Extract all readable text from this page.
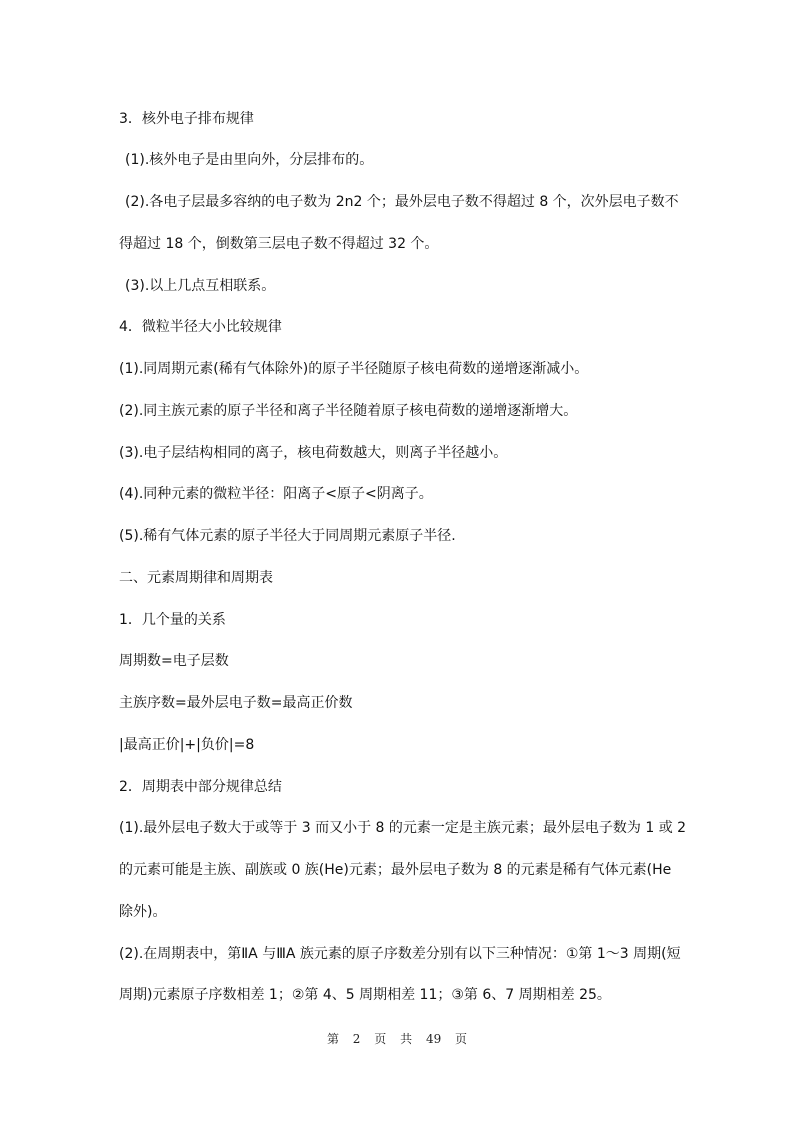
3．核外电子排布规律
(1).核外电子是由里向外，分层排布的。
(2).各电子层最多容纳的电子数为 2n2 个；最外层电子数不得超过 8 个，次外层电子数不
得超过 18 个，倒数第三层电子数不得超过 32 个。
(3).以上几点互相联系。
4．微粒半径大小比较规律
(1).同周期元素(稀有气体除外)的原子半径随原子核电荷数的递增逐渐减小。
(2).同主族元素的原子半径和离子半径随着原子核电荷数的递增逐渐增大。
(3).电子层结构相同的离子，核电荷数越大，则离子半径越小。
(4).同种元素的微粒半径：阳离子<原子<阴离子。
(5).稀有气体元素的原子半径大于同周期元素原子半径.
二、元素周期律和周期表
1．几个量的关系
周期数=电子层数
主族序数=最外层电子数=最高正价数
|最高正价|+|负价|=8
2．周期表中部分规律总结
(1).最外层电子数大于或等于 3 而又小于 8 的元素一定是主族元素；最外层电子数为 1 或 2
的元素可能是主族、副族或 0 族(He)元素；最外层电子数为 8 的元素是稀有气体元素(He
除外)。
(2).在周期表中，第ⅡA 与ⅢA 族元素的原子序数差分别有以下三种情况：①第 1～3 周期(短
周期)元素原子序数相差 1；②第 4、5 周期相差 11；③第 6、7 周期相差 25。
第 2 页 共 49 页
